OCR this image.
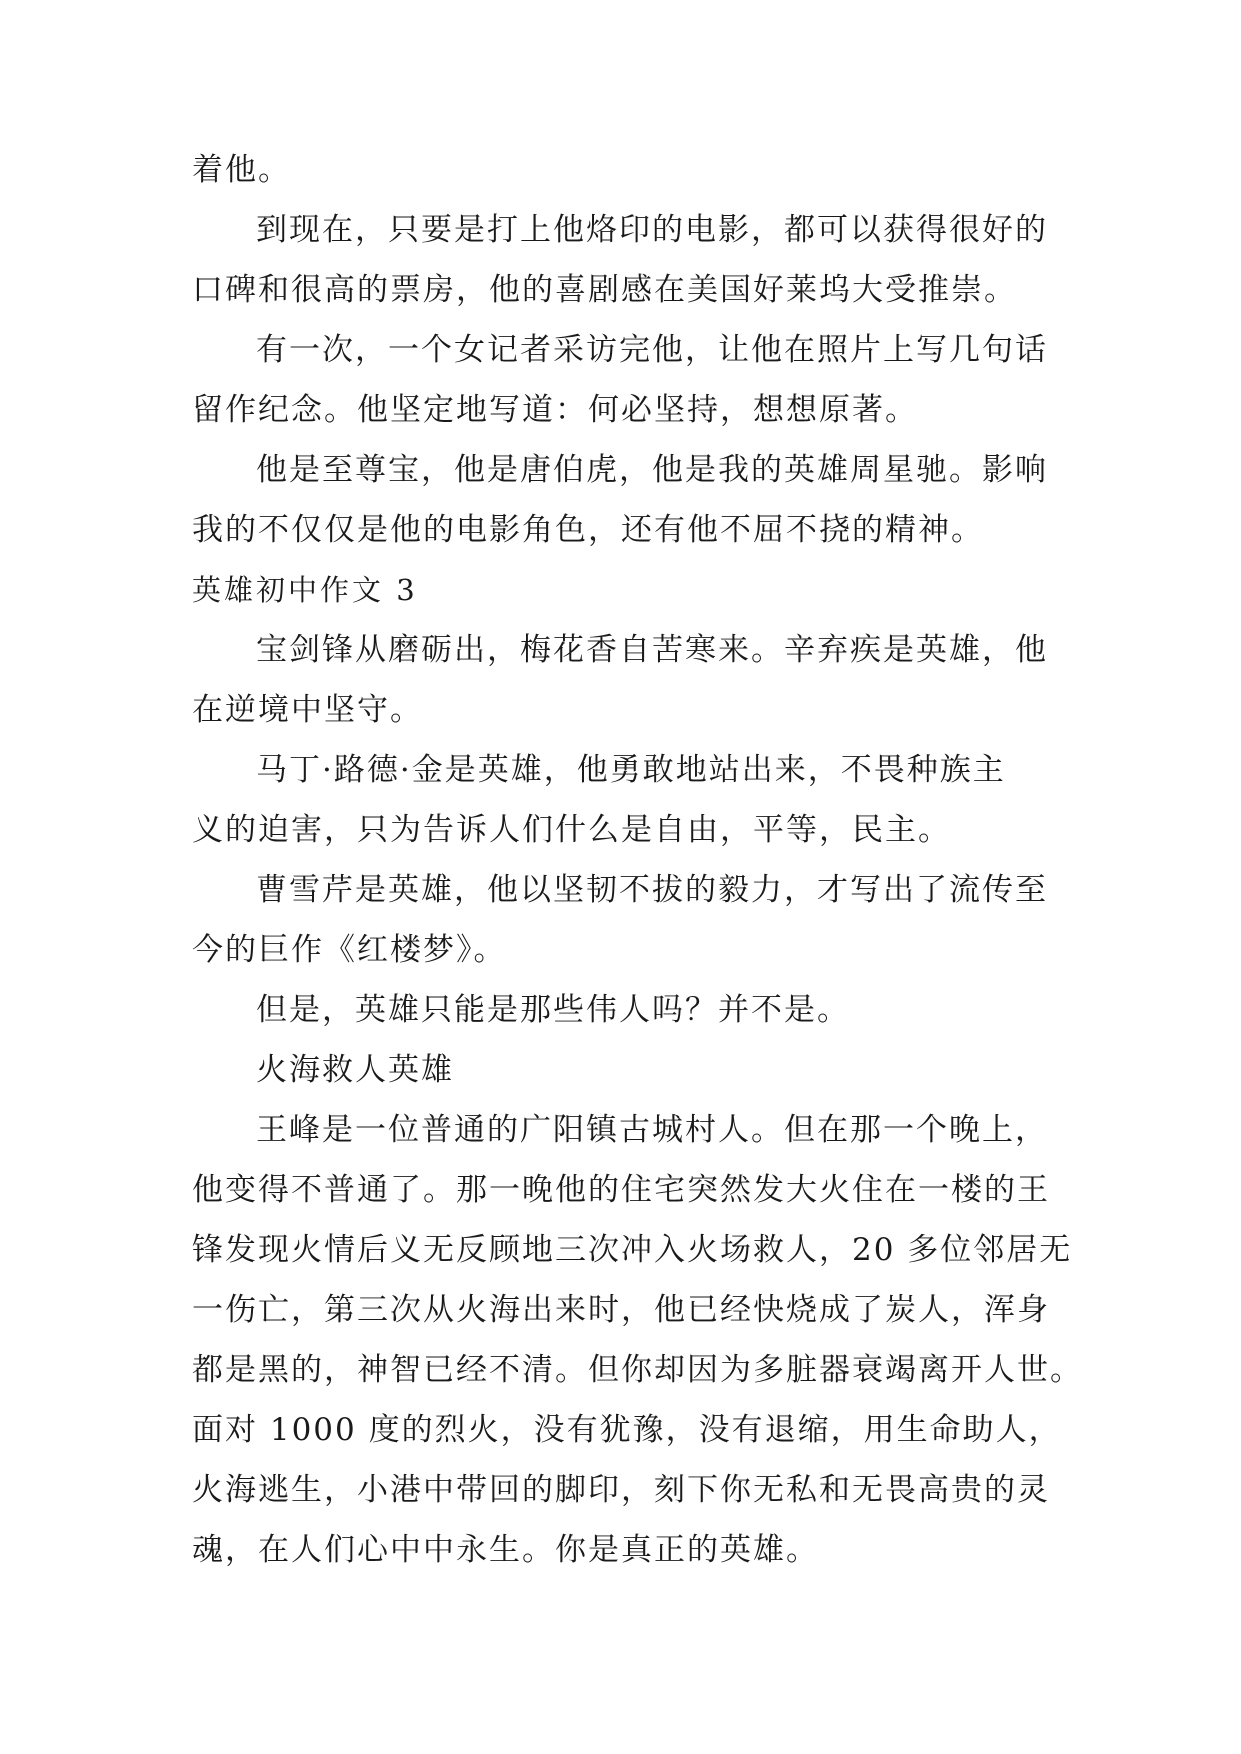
着他。
到现在，只要是打上他烙印的电影，都可以获得很好的
口碑和很高的票房，他的喜剧感在美国好莱坞大受推崇。
有一次，一个女记者采访完他，让他在照片上写几句话
留作纪念。他坚定地写道：何必坚持，想想原著。
他是至尊宝，他是唐伯虎，他是我的英雄周星驰。影响
我的不仅仅是他的电影角色，还有他不屈不挠的精神。
英雄初中作文 3
宝剑锋从磨砺出，梅花香自苦寒来。辛弃疾是英雄，他
在逆境中坚守。
马丁·路德·金是英雄，他勇敢地站出来，不畏种族主
义的迫害，只为告诉人们什么是自由，平等，民主。
曹雪芹是英雄，他以坚韧不拔的毅力，才写出了流传至
今的巨作《红楼梦》。
但是，英雄只能是那些伟人吗？并不是。
火海救人英雄
王峰是一位普通的广阳镇古城村人。但在那一个晚上，
他变得不普通了。那一晚他的住宅突然发大火住在一楼的王
锋发现火情后义无反顾地三次冲入火场救人，20 多位邻居无
一伤亡，第三次从火海出来时，他已经快烧成了炭人，浑身
都是黑的，神智已经不清。但你却因为多脏器衰竭离开人世。
面对 1000 度的烈火，没有犹豫，没有退缩，用生命助人，
火海逃生，小港中带回的脚印，刻下你无私和无畏高贵的灵
魂，在人们心中中永生。你是真正的英雄。
